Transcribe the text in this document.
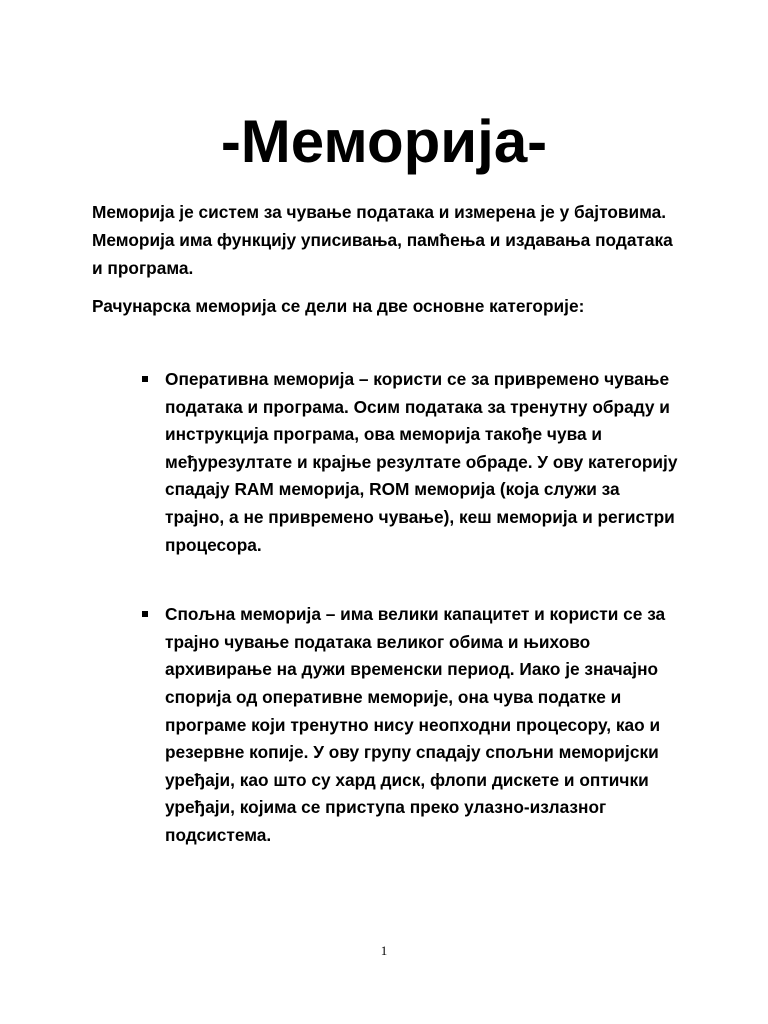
-Меморија-

Меморија је систем за чување података и измерена је у бајтовима. Меморија има функцију уписивања, памћења и издавања података и програма.

Рачунарска меморија се дели на две основне категорије:

Оперативна меморија – користи се за привремено чување података и програма. Осим података за тренутну обраду и инструкција програма, ова меморија такође чува и међурезултате и крајње резултате обраде. У ову категорију спадају RAM меморија, ROM меморија (која служи за трајно, а не привремено чување), кеш меморија и регистри процесора.
Спољна меморија – има велики капацитет и користи се за трајно чување података великог обима и њихово архивирање на дужи временски период. Иако је значајно спорија од оперативне меморије, она чува податке и програме који тренутно нису неопходни процесору, као и резервне копије. У ову групу спадају спољни меморијски уређаји, као што су хард диск, флопи дискете и оптички уређаји, којима се приступа преко улазно-излазног подсистема.
1
